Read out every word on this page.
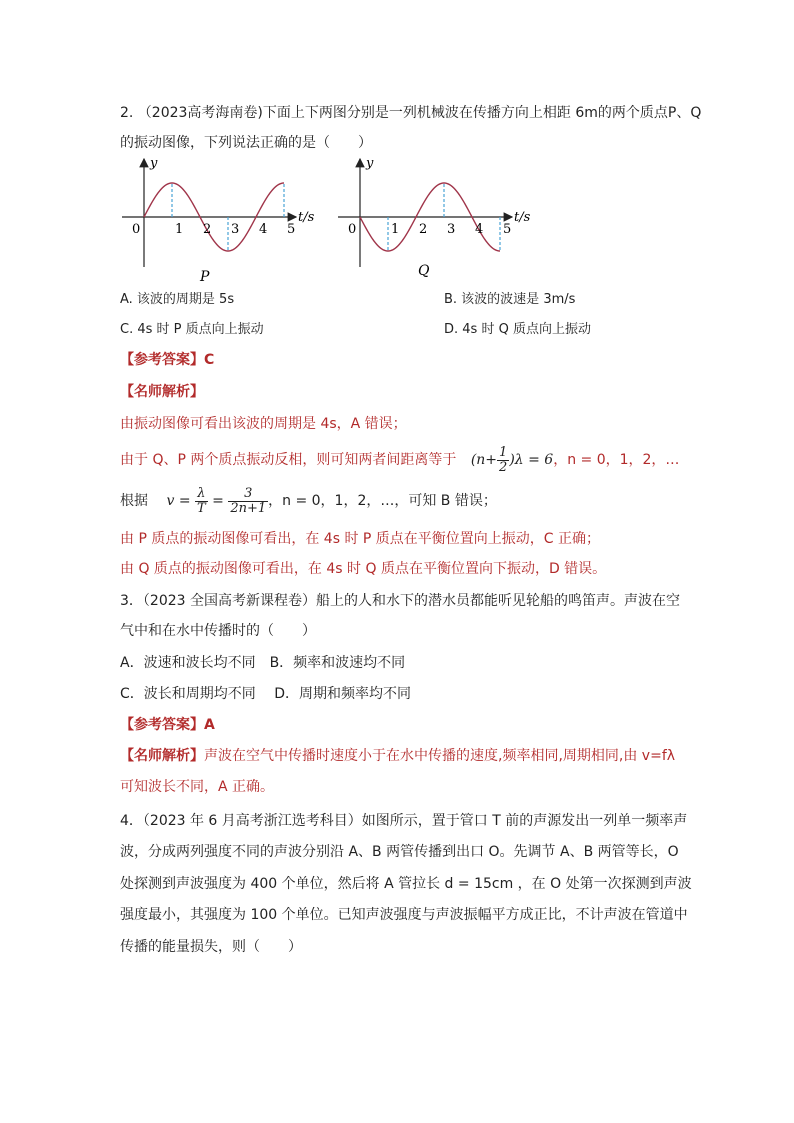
2. （2023高考海南卷)下面上下两图分别是一列机械波在传播方向上相距 6m的两个质点P、Q
的振动图像，下列说法正确的是（　　）
y
t/s
0	1 2 3 4 5
P
y
t/s
0	1 2 3 4 5
Q
A. 该波的周期是 5s	B. 该波的波速是 3m/s
C. 4s 时 P 质点向上振动	D. 4s 时 Q 质点向上振动
【参考答案】C
【名师解析】
由振动图像可看出该波的周期是 4s，A 错误；
由于 Q、P 两个质点振动反相，则可知两者间距离等于 $(n+ \frac{1}{2} )\lambda = 6$，n = 0，1，2，…
根据 $v = \frac{\lambda}{T} = \frac{3}{2n+1}$ ，n = 0，1，2，…，可知 B 错误；
由 P 质点的振动图像可看出，在 4s 时 P 质点在平衡位置向上振动，C 正确；
由 Q 质点的振动图像可看出，在 4s 时 Q 质点在平衡位置向下振动，D 错误。
3．（2023 全国高考新课程卷）船上的人和水下的潜水员都能听见轮船的鸣笛声。声波在空
气中和在水中传播时的（　　）
A．波速和波长均不同　B．频率和波速均不同
C．波长和周期均不同　 D．周期和频率均不同
【参考答案】A
【名师解析】声波在空气中传播时速度小于在水中传播的速度,频率相同,周期相同,由 v=fλ
可知波长不同，A 正确。
4．（2023 年 6 月高考浙江选考科目）如图所示，置于管口 T 前的声源发出一列单一频率声
波，分成两列强度不同的声波分别沿 A、B 两管传播到出口 O。先调节 A、B 两管等长，O
处探测到声波强度为 400 个单位，然后将 A 管拉长 d = 15cm ，在 O 处第一次探测到声波
强度最小，其强度为 100 个单位。已知声波强度与声波振幅平方成正比，不计声波在管道中
传播的能量损失，则（　　）
